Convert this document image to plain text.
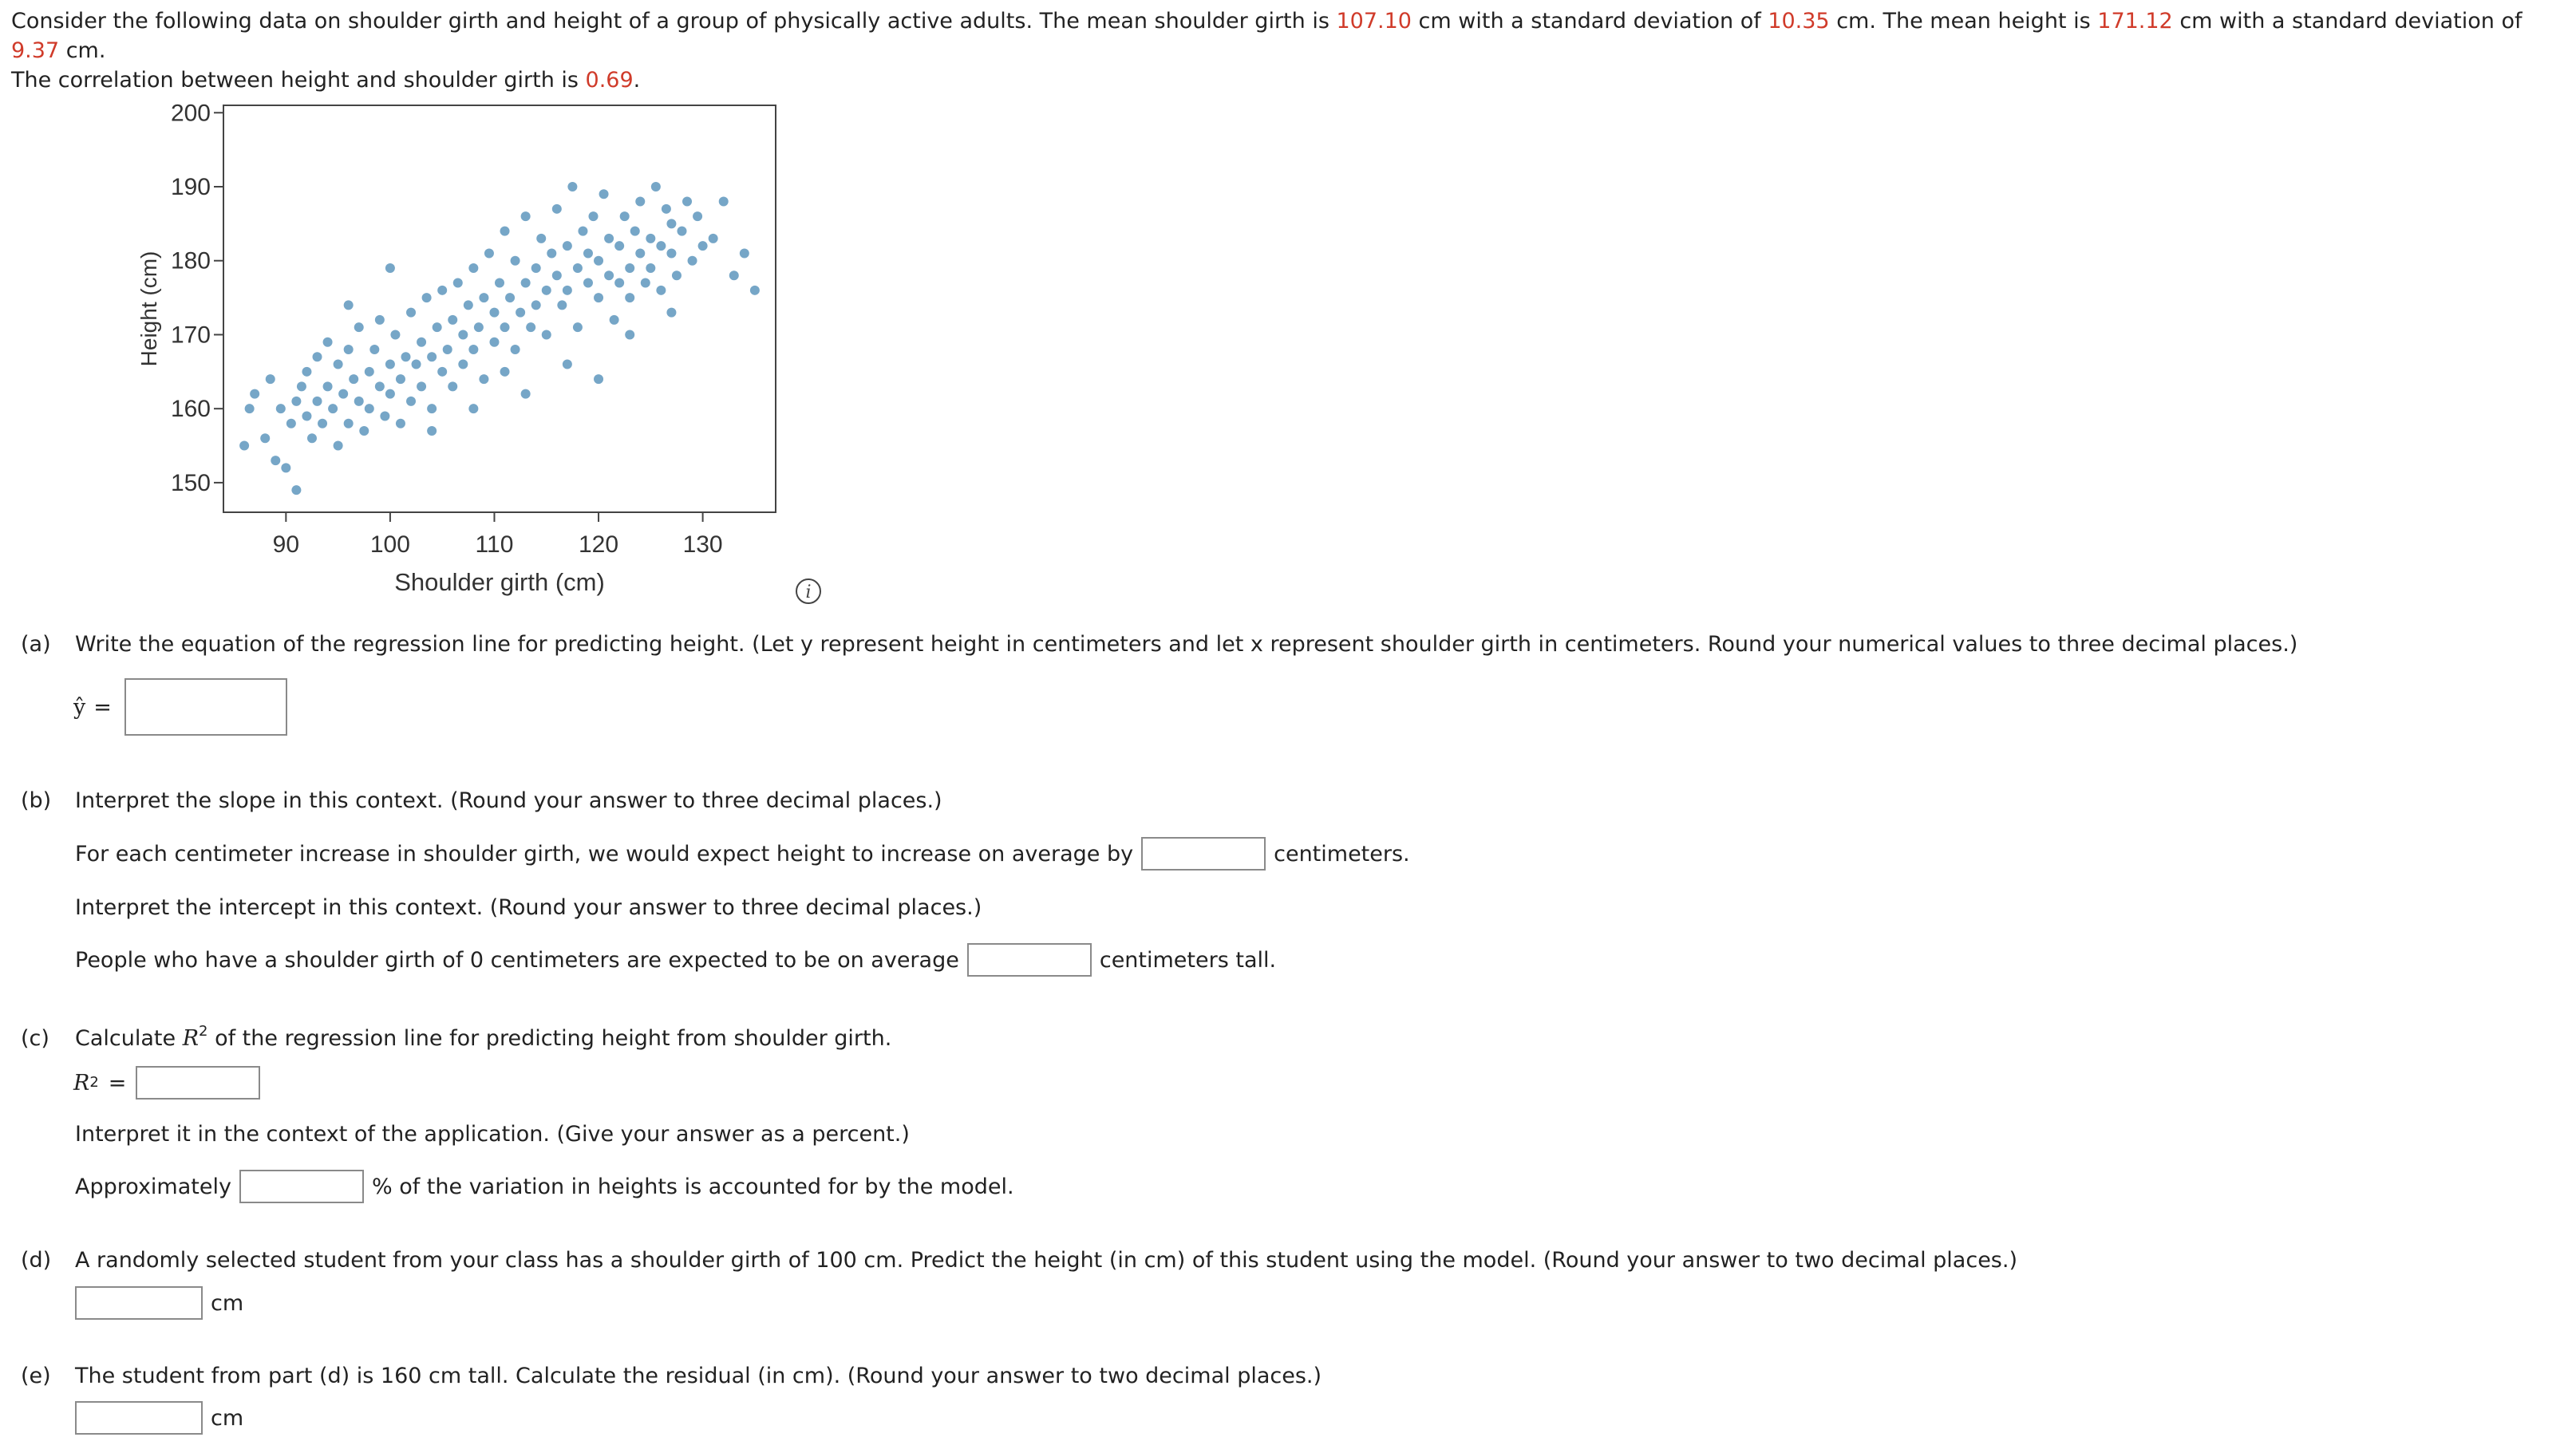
Consider the following data on shoulder girth and height of a group of physically active adults. The mean shoulder girth is 107.10 cm with a standard deviation of 10.35 cm. The mean height is 171.12 cm with a standard deviation of 9.37 cm.
The correlation between height and shoulder girth is 0.69.
90	100	110	120	130
150
160
170
180
190
200
Shoulder girth (cm)
Height (cm)
i
(a) Write the equation of the regression line for predicting height. (Let y represent height in centimeters and let x represent shoulder girth in centimeters. Round your numerical values to three decimal places.)
ŷ =
(b) Interpret the slope in this context. (Round your answer to three decimal places.)
For each centimeter increase in shoulder girth, we would expect height to increase on average by	centimeters.
Interpret the intercept in this context. (Round your answer to three decimal places.)
People who have a shoulder girth of 0 centimeters are expected to be on average	centimeters tall.
(c) Calculate $R^2$ of the regression line for predicting height from shoulder girth.
R 2 =
Interpret it in the context of the application. (Give your answer as a percent.)
Approximately	% of the variation in heights is accounted for by the model.
(d) A randomly selected student from your class has a shoulder girth of 100 cm. Predict the height (in cm) of this student using the model. (Round your answer to two decimal places.)
cm
(e) The student from part (d) is 160 cm tall. Calculate the residual (in cm). (Round your answer to two decimal places.)
cm
